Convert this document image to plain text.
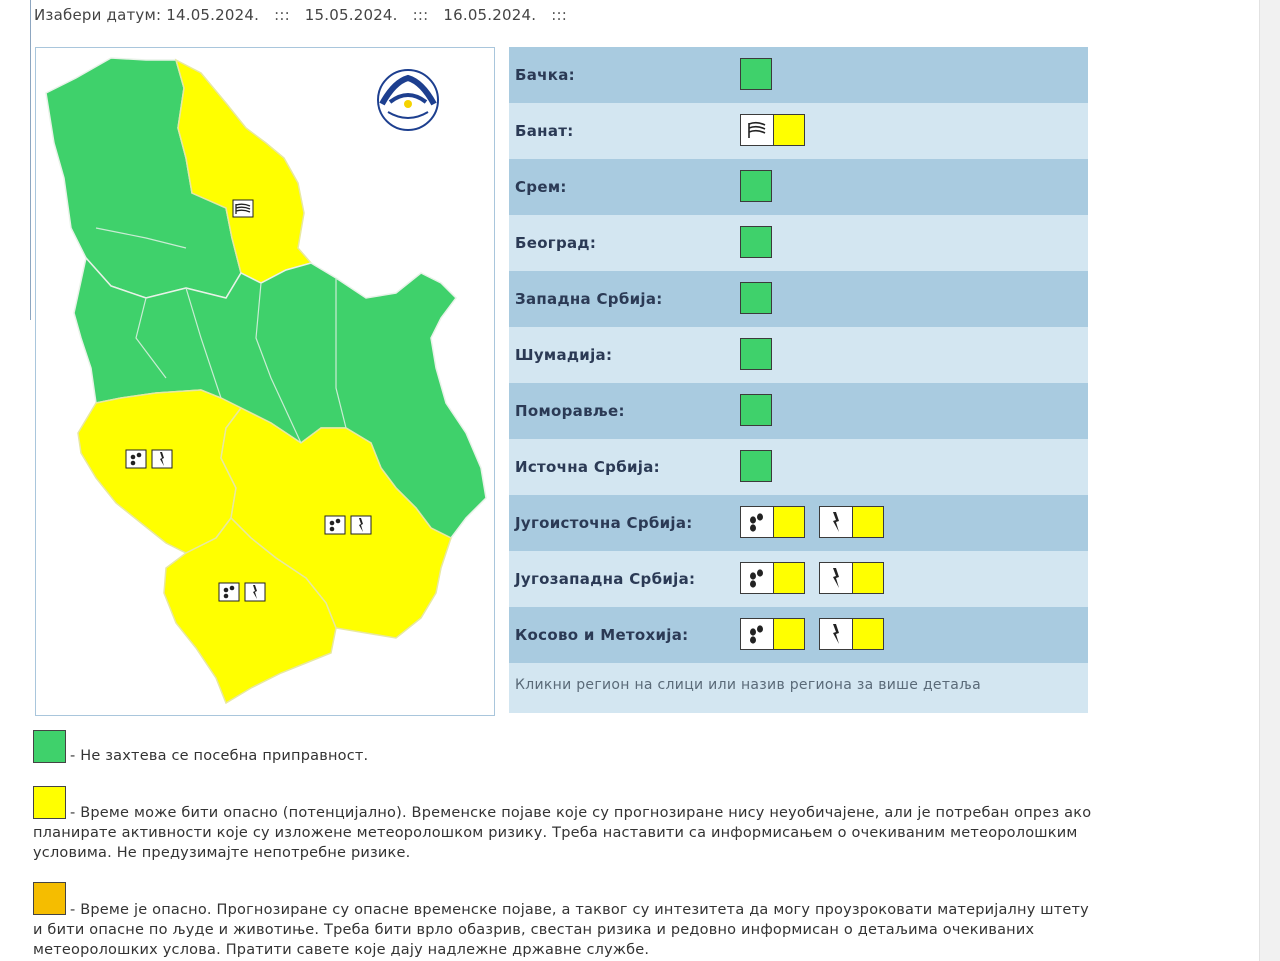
Изабери датум: 14.05.2024. ::: 15.05.2024. ::: 16.05.2024. :::
Бачка:
Банат:
Срем:
Београд:
Западна Србија:
Шумадија:
Поморавље:
Источна Србија:
Југоисточна Србија:
Југозападна Србија:
Косово и Метохија:
Кликни регион на слици или назив региона за више детаља
- Не захтева се посебна приправност.
- Време може бити опасно (потенцијално). Временске појаве које су прогнозиране нису неуобичајене, али је потребан опрез ако планирате активности које су изложене метеоролошком ризику. Треба наставити са информисањем о очекиваним метеоролошким условима. Не предузимајте непотребне ризике.
- Време је опасно. Прогнозиране су опасне временске појаве, а таквог су интезитета да могу проузроковати материјалну штету и бити опасне по људе и животиње. Треба бити врло обазрив, свестан ризика и редовно информисан о детаљима очекиваних метеоролошких услова. Пратити савете које дају надлежне државне службе.
